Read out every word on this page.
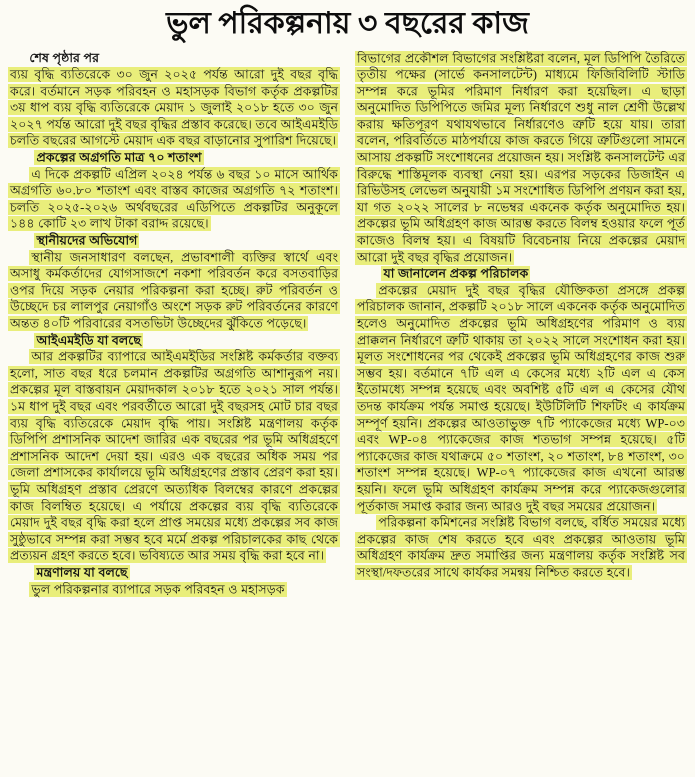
ভুল পরিকল্পনায় ৩ বছরের কাজ

শেষ পৃষ্ঠার পর

ব্যয় বৃদ্ধি ব্যতিরেকে ৩০ জুন ২০২৫ পর্যন্ত আরো দুই বছর বৃদ্ধি করে। বর্তমানে সড়ক পরিবহন ও মহাসড়ক বিভাগ কর্তৃক প্রকল্পটির ৩য় ধাপ ব্যয় বৃদ্ধি ব্যতিরেকে মেয়াদ ১ জুলাই ২০১৮ হতে ৩০ জুন ২০২৭ পর্যন্ত আরো দুই বছর বৃদ্ধির প্রস্তাব করেছে। তবে আইএমইডি চলতি বছরের আগস্টে মেয়াদ এক বছর বাড়ানোর সুপারিশ দিয়েছে।

প্রকল্পের অগ্রগতি মাত্র ৭০ শতাংশ

এ দিকে প্রকল্পটি এপ্রিল ২০২৪ পর্যন্ত ৬ বছর ১০ মাসে আর্থিক অগ্রগতি ৬০.৮০ শতাংশ এবং বাস্তব কাজের অগ্রগতি ৭২ শতাংশ। চলতি ২০২৫-২০২৬ অর্থবছরের এডিপিতে প্রকল্পটির অনুকূলে ১৪৪ কোটি ২৩ লাখ টাকা বরাদ্দ রয়েছে।

স্থানীয়দের অভিযোগ

স্থানীয় জনসাধারণ বলছেন, প্রভাবশালী ব্যক্তির স্বার্থে এবং অসাধু কর্মকর্তাদের যোগসাজশে নকশা পরিবর্তন করে বসতবাড়ির ওপর দিয়ে সড়ক নেয়ার পরিকল্পনা করা হচ্ছে। রুট পরিবর্তন ও উচ্ছেদে চর লালপুর নেয়াগাঁও অংশে সড়ক রুট পরিবর্তনের কারণে অন্তত ৪০টি পরিবারের বসতভিটা উচ্ছেদের ঝুঁকিতে পড়েছে।

আইএমইডি যা বলছে

আর প্রকল্পটির ব্যাপারে আইএমইডির সংশ্লিষ্ট কর্মকর্তার বক্তব্য হলো, সাত বছর ধরে চলমান প্রকল্পটির অগ্রগতি আশানুরূপ নয়। প্রকল্পের মূল বাস্তবায়ন মেয়াদকাল ২০১৮ হতে ২০২১ সাল পর্যন্ত। ১ম ধাপ দুই বছর এবং পরবর্তীতে আরো দুই বছরসহ মোট চার বছর ব্যয় বৃদ্ধি ব্যতিরেকে মেয়াদ বৃদ্ধি পায়। সংশ্লিষ্ট মন্ত্রণালয় কর্তৃক ডিপিপি প্রশাসনিক আদেশ জারির এক বছরের পর ভূমি অধিগ্রহণে প্রশাসনিক আদেশ দেয়া হয়। এরও এক বছরের অধিক সময় পর জেলা প্রশাসকের কার্যালয়ে ভূমি অধিগ্রহণের প্রস্তাব প্রেরণ করা হয়। ভূমি অধিগ্রহণ প্রস্তাব প্রেরণে অত্যধিক বিলম্বের কারণে প্রকল্পের কাজ বিলম্বিত হয়েছে। এ পর্যায়ে প্রকল্পের ব্যয় বৃদ্ধি ব্যতিরেকে মেয়াদ দুই বছর বৃদ্ধি করা হলে প্রাপ্ত সময়ের মধ্যে প্রকল্পের সব কাজ সুষ্ঠুভাবে সম্পন্ন করা সম্ভব হবে মর্মে প্রকল্প পরিচালকের কাছ থেকে প্রত্যয়ন গ্রহণ করতে হবে। ভবিষ্যতে আর সময় বৃদ্ধি করা হবে না।

মন্ত্রণালয় যা বলছে

ভুল পরিকল্পনার ব্যাপারে সড়ক পরিবহন ও মহাসড়ক

বিভাগের প্রকৌশল বিভাগের সংশ্লিষ্টরা বলেন, মূল ডিপিপি তৈরিতে তৃতীয় পক্ষের (সার্ভে কনসালটেন্ট) মাধ্যমে ফিজিবিলিটি স্টাডি সম্পন্ন করে ভূমির পরিমাণ নির্ধারণ করা হয়েছিল। এ ছাড়া অনুমোদিত ডিপিপিতে জমির মূল্য নির্ধারণে শুধু নাল শ্রেণী উল্লেখ করায় ক্ষতিপূরণ যথাযথভাবে নির্ধারণেও ত্রুটি হয়ে যায়। তারা বলেন, পরিবর্তিতে মাঠপর্যায়ে কাজ করতে গিয়ে ত্রুটিগুলো সামনে আসায় প্রকল্পটি সংশোধনের প্রয়োজন হয়। সংশ্লিষ্ট কনসালটেন্ট এর বিরুদ্ধে শাস্তিমূলক ব্যবস্থা নেয়া হয়। এরপর সড়কের ডিজাইন এ রিভিউসহ লেভেল অনুযায়ী ১ম সংশোধিত ডিপিপি প্রণয়ন করা হয়, যা গত ২০২২ সালের ৮ নভেম্বর একনেক কর্তৃক অনুমোদিত হয়। প্রকল্পের ভূমি অধিগ্রহণ কাজ আরম্ভ করতে বিলম্ব হওয়ার ফলে পূর্ত কাজেও বিলম্ব হয়। এ বিষয়টি বিবেচনায় নিয়ে প্রকল্পের মেয়াদ আরো দুই বছর বৃদ্ধির প্রয়োজন।

যা জানালেন প্রকল্প পরিচালক

প্রকল্পের মেয়াদ দুই বছর বৃদ্ধির যৌক্তিকতা প্রসঙ্গে প্রকল্প পরিচালক জানান, প্রকল্পটি ২০১৮ সালে একনেক কর্তৃক অনুমোদিত হলেও অনুমোদিত প্রকল্পের ভূমি অধিগ্রহণের পরিমাণ ও ব্যয় প্রাক্কলন নির্ধারণে ত্রুটি থাকায় তা ২০২২ সালে সংশোধন করা হয়। মূলত সংশোধনের পর থেকেই প্রকল্পের ভূমি অধিগ্রহণের কাজ শুরু সম্ভব হয়। বর্তমানে ৭টি এল এ কেসের মধ্যে ২টি এল এ কেস ইতোমধ্যে সম্পন্ন হয়েছে এবং অবশিষ্ট ৫টি এল এ কেসের যৌথ তদন্ত কার্যক্রম পর্যন্ত সমাপ্ত হয়েছে। ইউটিলিটি শিফটিং এ কার্যক্রম সম্পূর্ণ হয়নি। প্রকল্পের আওতাভুক্ত ৭টি প্যাকেজের মধ্যে WP-০৩ এবং WP-০৪ প্যাকেজের কাজ শতভাগ সম্পন্ন হয়েছে। ৫টি প্যাকেজের কাজ যথাক্রমে ৫০ শতাংশ, ২০ শতাংশ, ৮৪ শতাংশ, ৩০ শতাংশ সম্পন্ন হয়েছে। WP-০৭ প্যাকেজের কাজ এখনো আরম্ভ হয়নি। ফলে ভূমি অধিগ্রহণ কার্যক্রম সম্পন্ন করে প্যাকেজগুলোর পূর্তকাজ সমাপ্ত করার জন্য আরও দুই বছর সময়ের প্রয়োজন।

পরিকল্পনা কমিশনের সংশ্লিষ্ট বিভাগ বলছে, বর্ধিত সময়ের মধ্যে প্রকল্পের কাজ শেষ করতে হবে এবং প্রকল্পের আওতায় ভূমি অধিগ্রহণ কার্যক্রম দ্রুত সমাপ্তির জন্য মন্ত্রণালয় কর্তৃক সংশ্লিষ্ট সব সংস্থা/দফতরের সাথে কার্যকর সমন্বয় নিশ্চিত করতে হবে।
